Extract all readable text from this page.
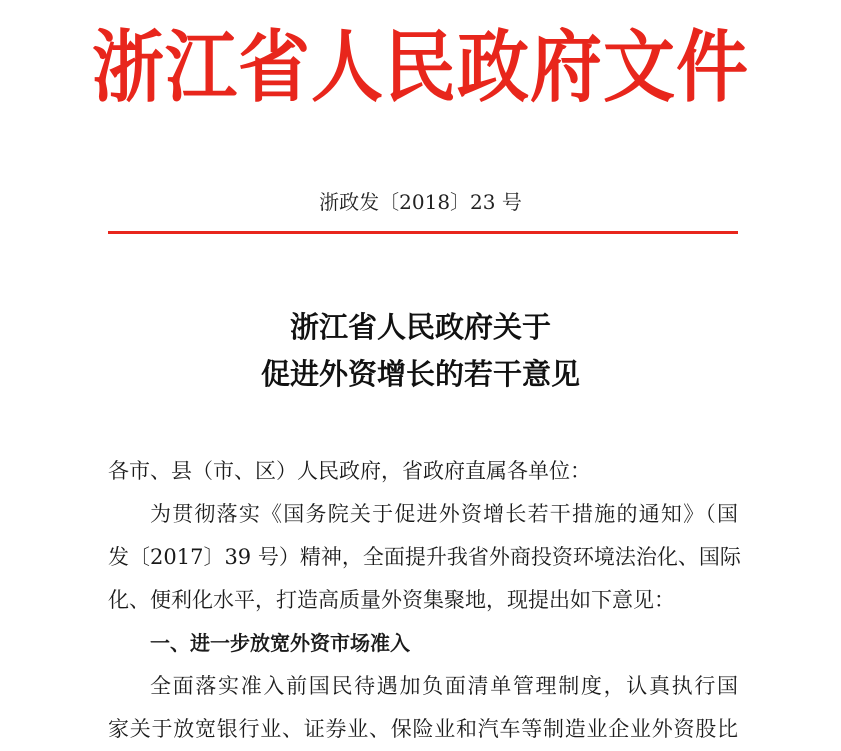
浙江省人民政府文件
浙政发〔2018〕23 号
浙江省人民政府关于
促进外资增长的若干意见
各市、县（市、区）人民政府，省政府直属各单位：
为贯彻落实《国务院关于促进外资增长若干措施的通知》（国
发〔2017〕39 号）精神，全面提升我省外商投资环境法治化、国际
化、便利化水平，打造高质量外资集聚地，现提出如下意见：
一、进一步放宽外资市场准入
全面落实准入前国民待遇加负面清单管理制度，认真执行国
家关于放宽银行业、证券业、保险业和汽车等制造业企业外资股比
